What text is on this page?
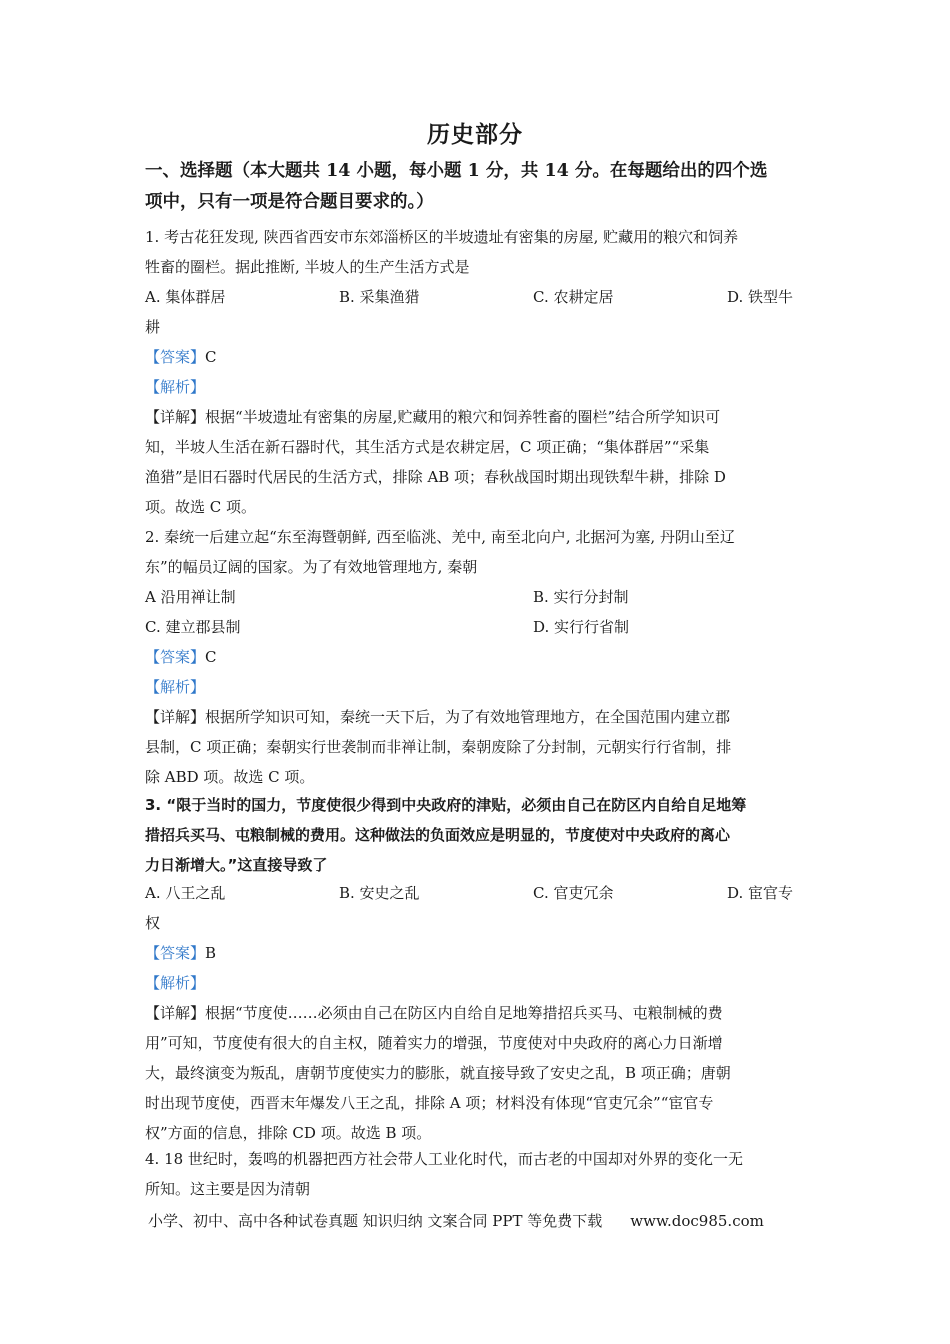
历史部分
一、选择题（本大题共 14 小题，每小题 1 分，共 14 分。在每题给出的四个选
项中，只有一项是符合题目要求的。）
1. 考古花狂发现, 陕西省西安市东郊淄桥区的半坡遗址有密集的房屋, 贮藏用的粮穴和饲养
牲畜的圈栏。据此推断, 半坡人的生产生活方式是
A. 集体群居	B. 采集渔猎	C. 农耕定居	D. 铁型牛
耕
【答案】C
【解析】
【详解】根据“半坡遗址有密集的房屋,贮藏用的粮穴和饲养牲畜的圈栏”结合所学知识可
知，半坡人生活在新石器时代，其生活方式是农耕定居，C 项正确；“集体群居”“采集
渔猎”是旧石器时代居民的生活方式，排除 AB 项；春秋战国时期出现铁犁牛耕，排除 D
项。故选 C 项。
2. 秦统一后建立起“东至海暨朝鲜, 西至临洮、羌中, 南至北向户, 北据河为塞, 丹阴山至辽
东”的幅员辽阔的国家。为了有效地管理地方, 秦朝
A 沿用禅让制	B. 实行分封制
C. 建立郡县制	D. 实行行省制
【答案】C
【解析】
【详解】根据所学知识可知，秦统一天下后，为了有效地管理地方，在全国范围内建立郡
县制，C 项正确；秦朝实行世袭制而非禅让制，秦朝废除了分封制，元朝实行行省制，排
除 ABD 项。故选 C 项。
3. “限于当时的国力，节度使很少得到中央政府的津贴，必须由自己在防区内自给自足地筹
措招兵买马、屯粮制械的费用。这种做法的负面效应是明显的，节度使对中央政府的离心
力日渐增大。”这直接导致了
A. 八王之乱	B. 安史之乱	C. 官吏冗余	D. 宦官专
权
【答案】B
【解析】
【详解】根据“节度使……必须由自己在防区内自给自足地筹措招兵买马、屯粮制械的费
用”可知，节度使有很大的自主权，随着实力的增强，节度使对中央政府的离心力日渐增
大，最终演变为叛乱，唐朝节度使实力的膨胀，就直接导致了安史之乱，B 项正确；唐朝
时出现节度使，西晋末年爆发八王之乱，排除 A 项；材料没有体现“官吏冗余”“宦官专
权”方面的信息，排除 CD 项。故选 B 项。
4. 18 世纪时，轰鸣的机器把西方社会带人工业化时代，而古老的中国却对外界的变化一无
所知。这主要是因为清朝
小学、初中、高中各种试卷真题 知识归纳 文案合同 PPT 等免费下载 www.doc985.com
